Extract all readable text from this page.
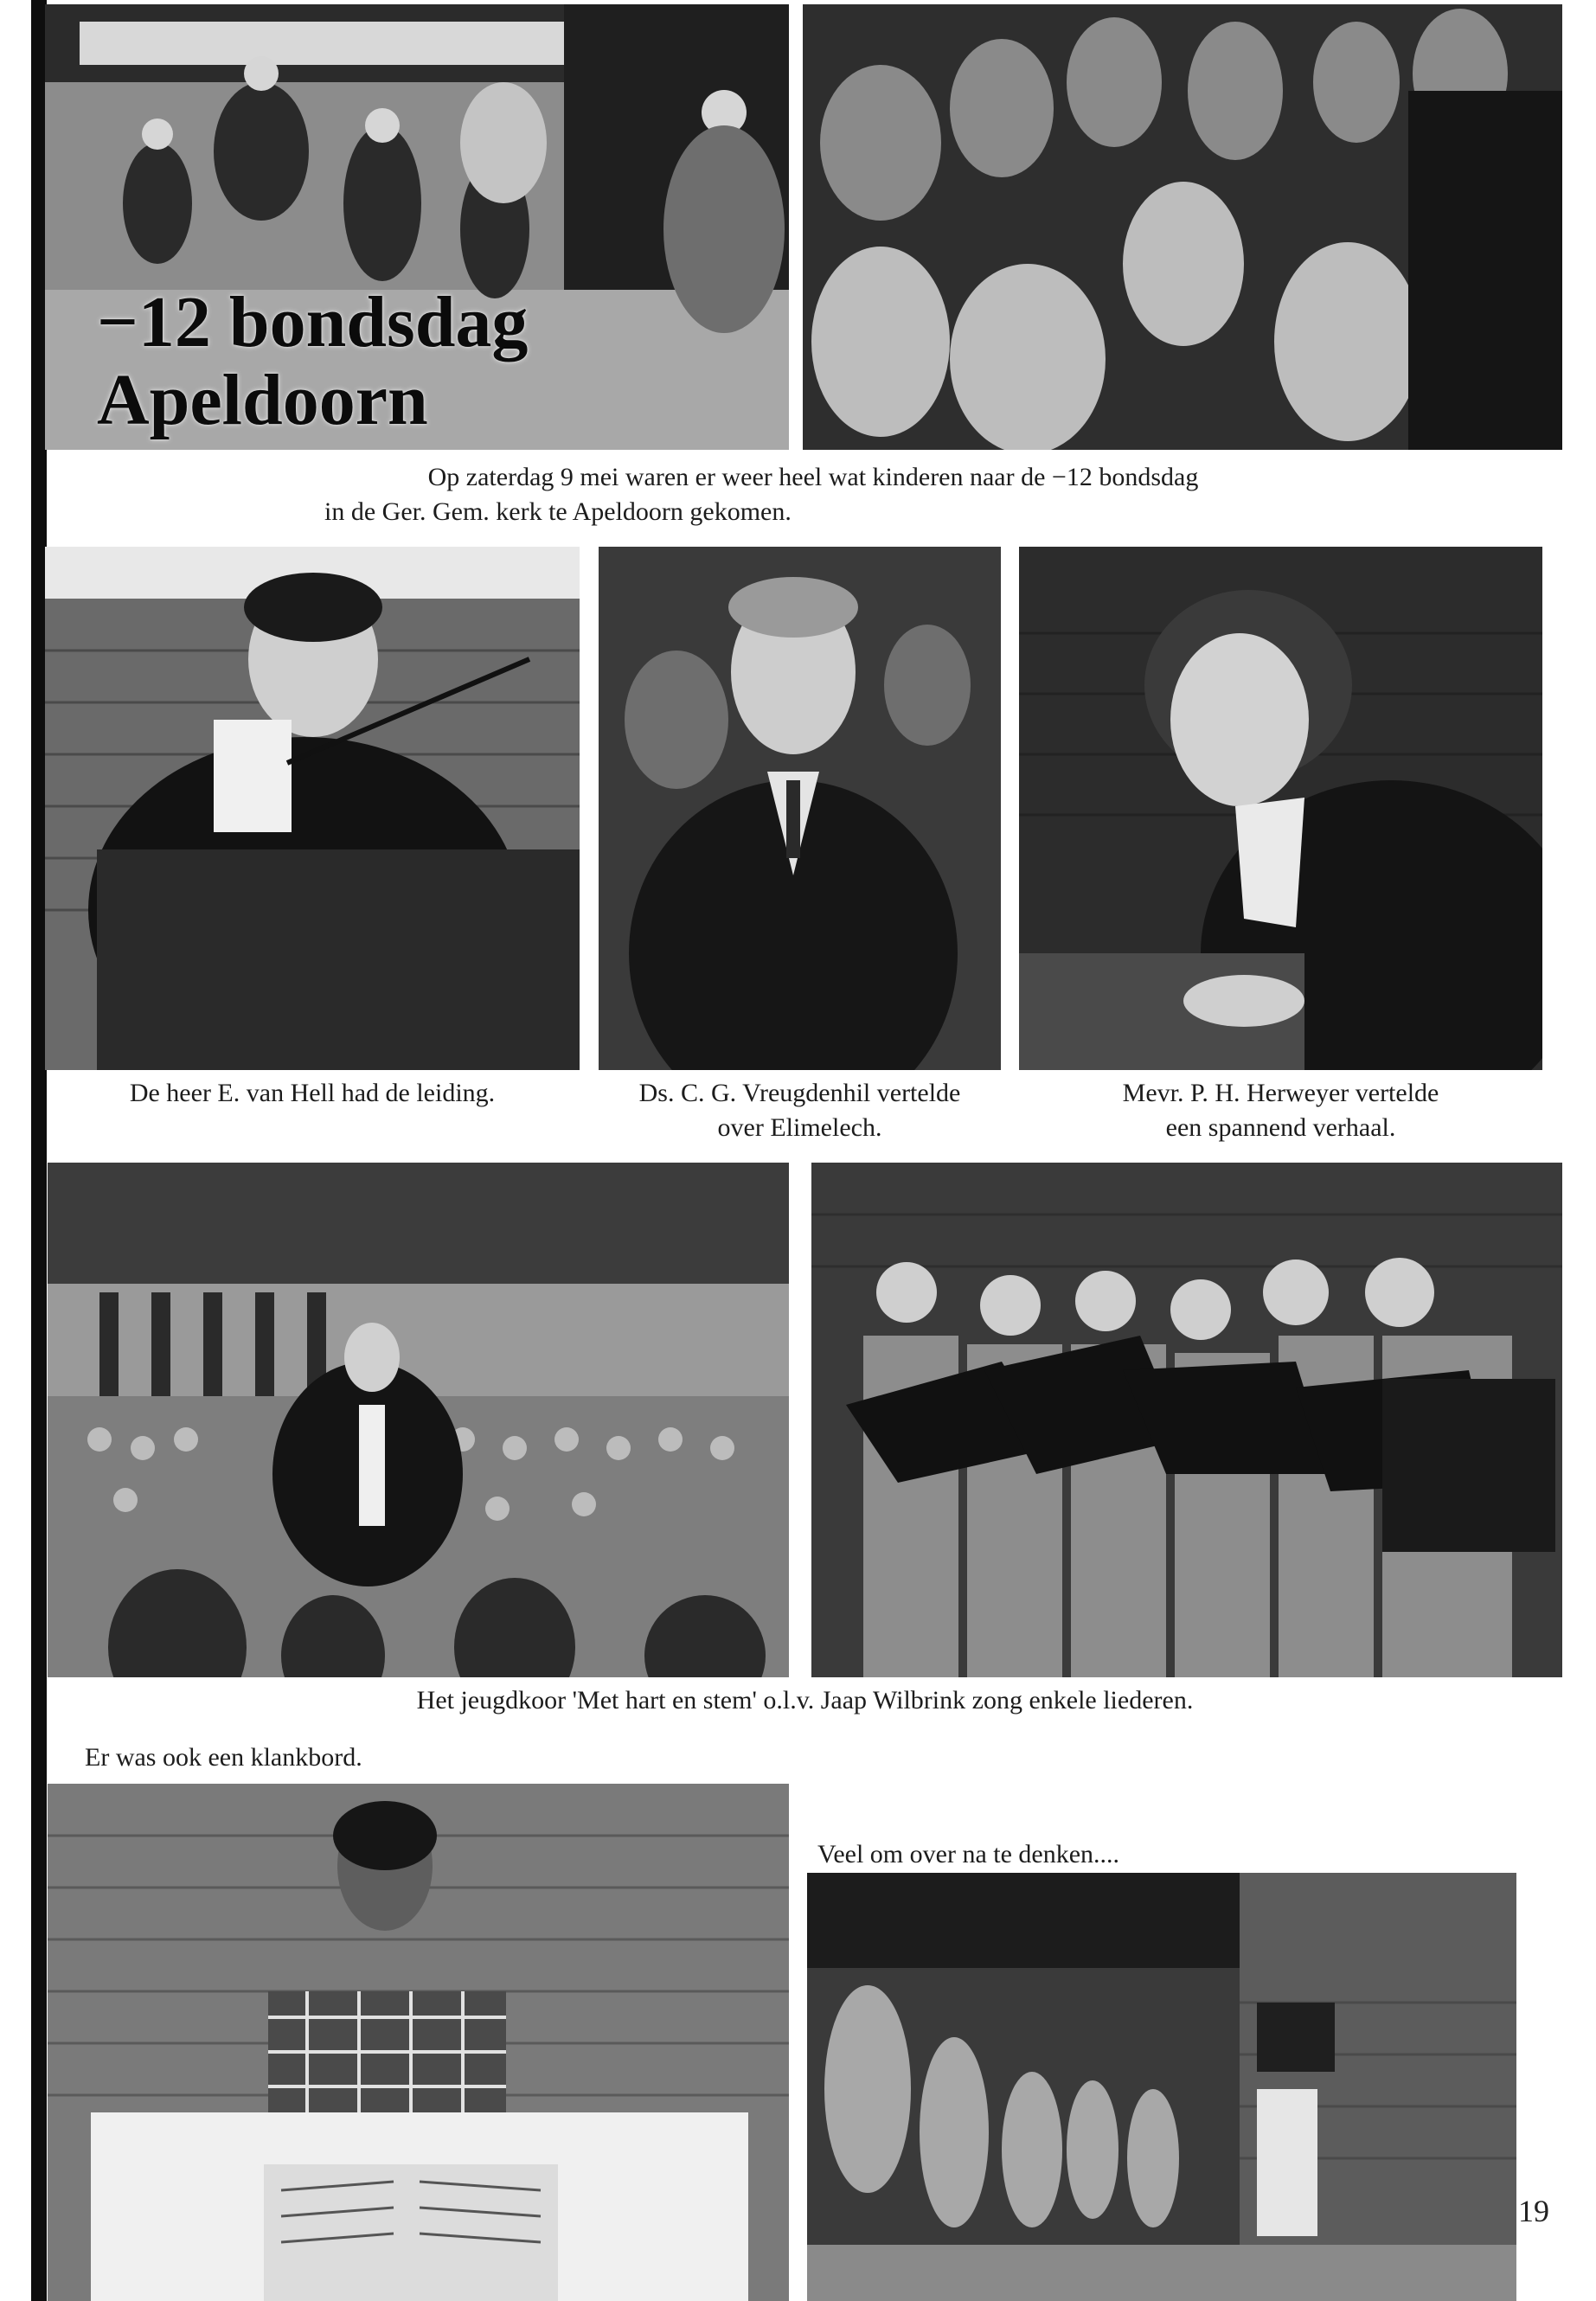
−12 bondsdag Apeldoorn
Op zaterdag 9 mei waren er weer heel wat kinderen naar de −12 bondsdag
in de Ger. Gem. kerk te Apeldoorn gekomen.
De heer E. van Hell had de leiding.	Ds. C. G. Vreugdenhil vertelde
over Elimelech.
Mevr. P. H. Herweyer vertelde
een spannend verhaal.
Het jeugdkoor 'Met hart en stem' o.l.v. Jaap Wilbrink zong enkele liederen.
Er was ook een klankbord.
Veel om over na te denken....
19
